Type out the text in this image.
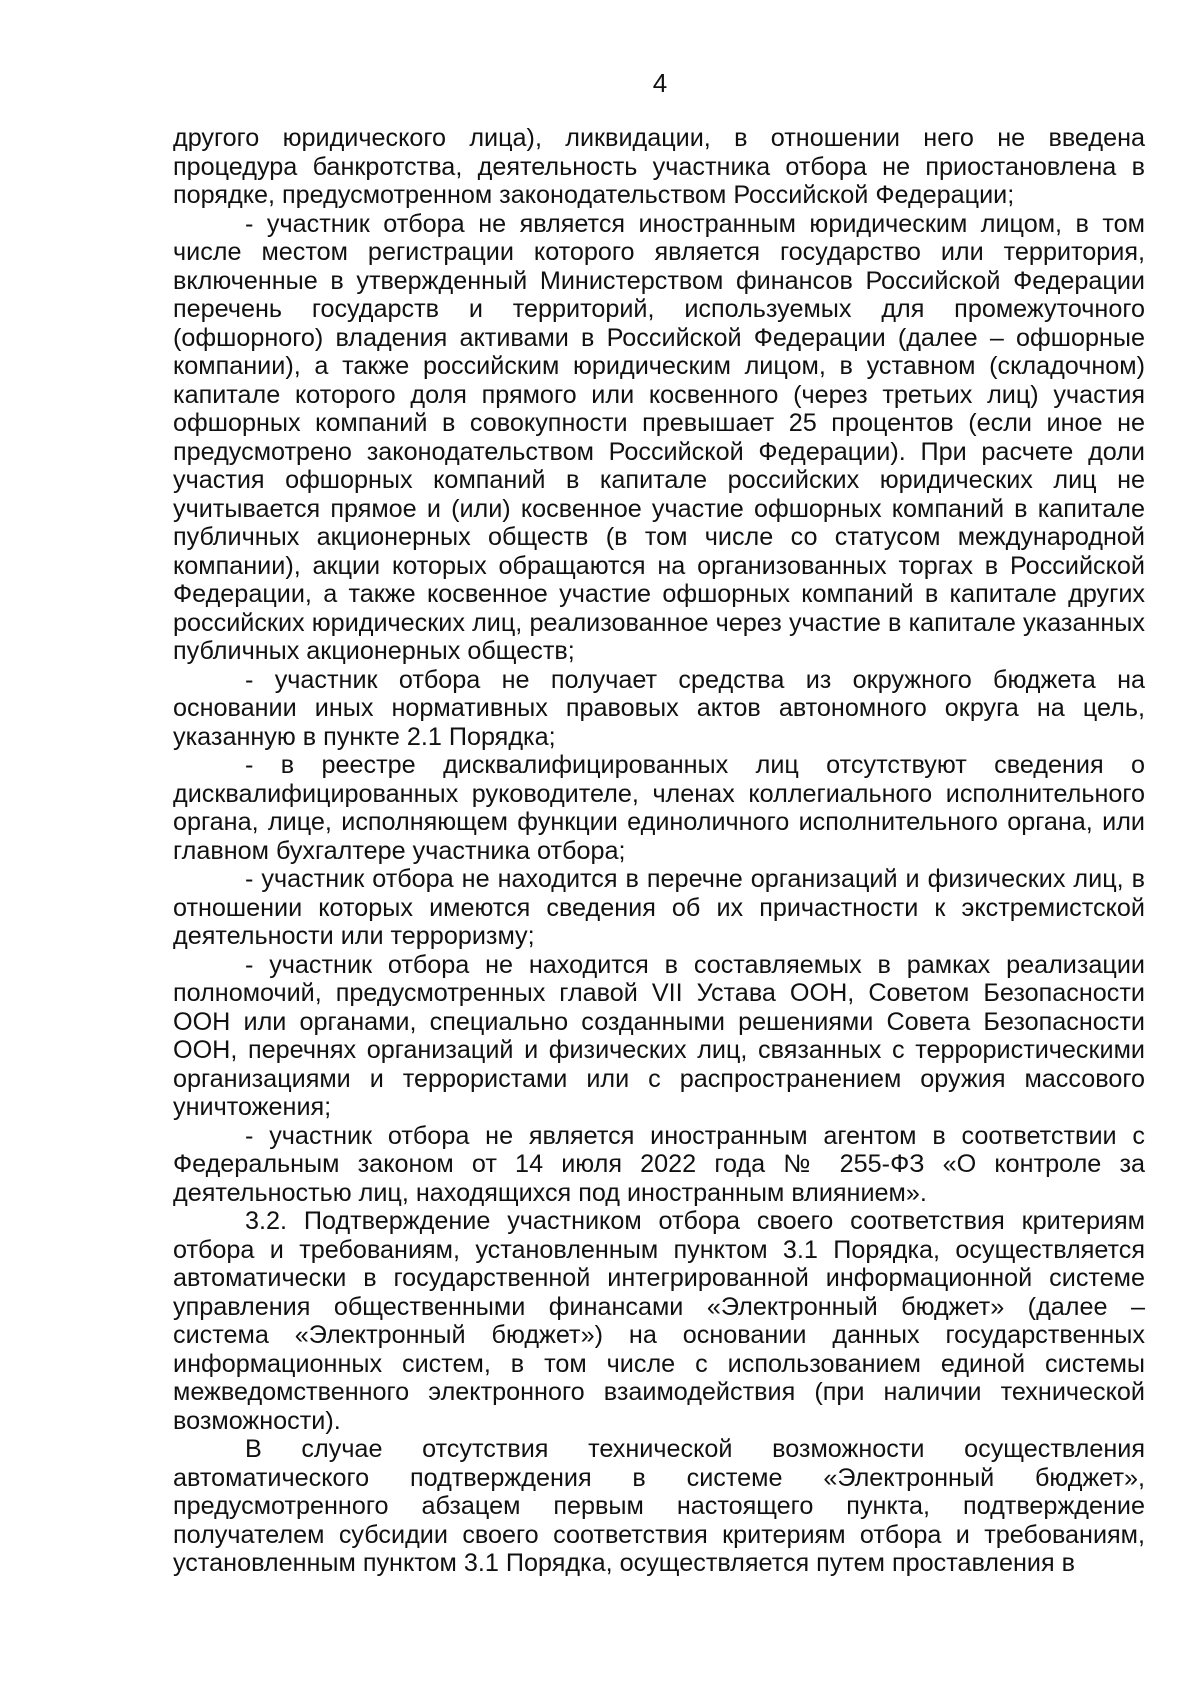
4

другого юридического лица), ликвидации, в отношении него не введена процедура банкротства, деятельность участника отбора не приостановлена в порядке, предусмотренном законодательством Российской Федерации;

- участник отбора не является иностранным юридическим лицом, в том числе местом регистрации которого является государство или территория, включенные в утвержденный Министерством финансов Российской Федерации перечень государств и территорий, используемых для промежуточного (офшорного) владения активами в Российской Федерации (далее – офшорные компании), а также российским юридическим лицом, в уставном (складочном) капитале которого доля прямого или косвенного (через третьих лиц) участия офшорных компаний в совокупности превышает 25 процентов (если иное не предусмотрено законодательством Российской Федерации). При расчете доли участия офшорных компаний в капитале российских юридических лиц не учитывается прямое и (или) косвенное участие офшорных компаний в капитале публичных акционерных обществ (в том числе со статусом международной компании), акции которых обращаются на организованных торгах в Российской Федерации, а также косвенное участие офшорных компаний в капитале других российских юридических лиц, реализованное через участие в капитале указанных публичных акционерных обществ;

- участник отбора не получает средства из окружного бюджета на основании иных нормативных правовых актов автономного округа на цель, указанную в пункте 2.1 Порядка;

- в реестре дисквалифицированных лиц отсутствуют сведения о дисквалифицированных руководителе, членах коллегиального исполнительного органа, лице, исполняющем функции единоличного исполнительного органа, или главном бухгалтере участника отбора;

- участник отбора не находится в перечне организаций и физических лиц, в отношении которых имеются сведения об их причастности к экстремистской деятельности или терроризму;

- участник отбора не находится в составляемых в рамках реализации полномочий, предусмотренных главой VII Устава ООН, Советом Безопасности ООН или органами, специально созданными решениями Совета Безопасности ООН, перечнях организаций и физических лиц, связанных с террористическими организациями и террористами или с распространением оружия массового уничтожения;

- участник отбора не является иностранным агентом в соответствии с Федеральным законом от 14 июля 2022 года № 255-ФЗ «О контроле за деятельностью лиц, находящихся под иностранным влиянием».

3.2. Подтверждение участником отбора своего соответствия критериям отбора и требованиям, установленным пунктом 3.1 Порядка, осуществляется автоматически в государственной интегрированной информационной системе управления общественными финансами «Электронный бюджет» (далее – система «Электронный бюджет») на основании данных государственных информационных систем, в том числе с использованием единой системы межведомственного электронного взаимодействия (при наличии технической возможности).

В случае отсутствия технической возможности осуществления автоматического подтверждения в системе «Электронный бюджет», предусмотренного абзацем первым настоящего пункта, подтверждение получателем субсидии своего соответствия критериям отбора и требованиям, установленным пунктом 3.1 Порядка, осуществляется путем проставления в
